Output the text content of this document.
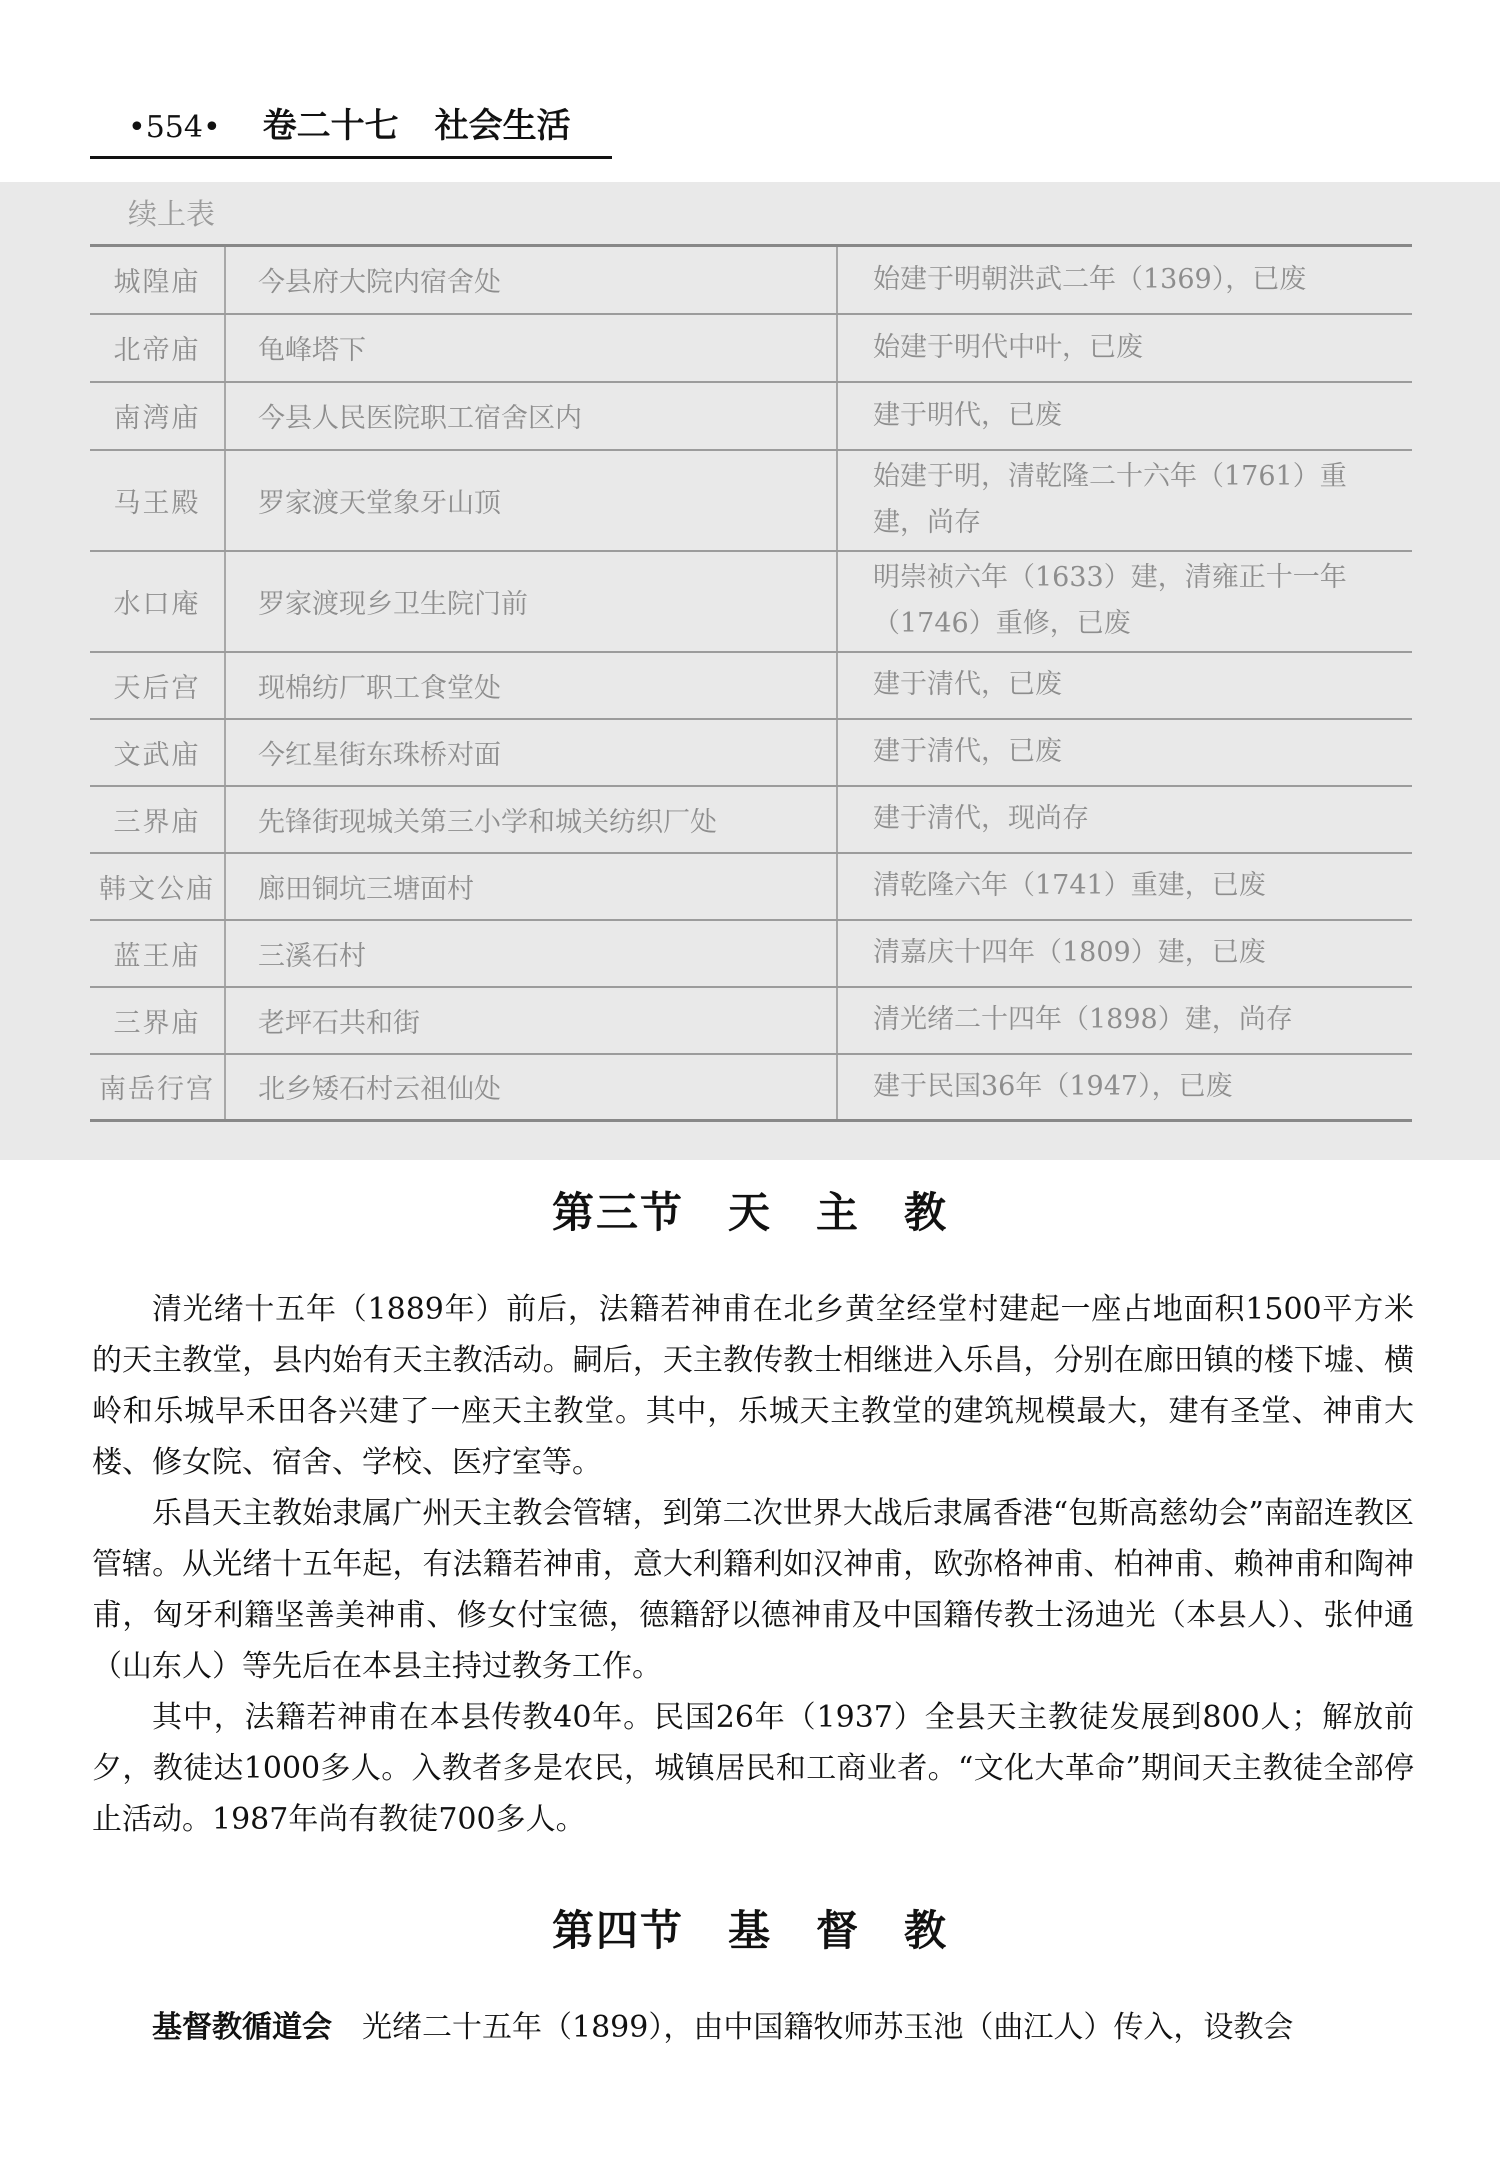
•554• 卷二十七 社会生活
续上表
城隍庙	今县府大院内宿舍处	始建于明朝洪武二年（1369），已废
北帝庙	龟峰塔下	始建于明代中叶，已废
南湾庙	今县人民医院职工宿舍区内	建于明代，已废
马王殿	罗家渡天堂象牙山顶	始建于明，清乾隆二十六年（1761）重建，尚存
水口庵	罗家渡现乡卫生院门前	明崇祯六年（1633）建，清雍正十一年（1746）重修，已废
天后宫	现棉纺厂职工食堂处	建于清代，已废
文武庙	今红星街东珠桥对面	建于清代，已废
三界庙	先锋街现城关第三小学和城关纺织厂处	建于清代，现尚存
韩文公庙	廊田铜坑三塘面村	清乾隆六年（1741）重建，已废
蓝王庙	三溪石村	清嘉庆十四年（1809）建，已废
三界庙	老坪石共和街	清光绪二十四年（1898）建，尚存
南岳行宫	北乡矮石村云祖仙处	建于民国36年（1947），已废
第三节　天　主　教

清光绪十五年（1889年）前后，法籍若神甫在北乡黄坌经堂村建起一座占地面积1500平方米的天主教堂，县内始有天主教活动。嗣后，天主教传教士相继进入乐昌，分别在廊田镇的楼下墟、横岭和乐城早禾田各兴建了一座天主教堂。其中，乐城天主教堂的建筑规模最大，建有圣堂、神甫大楼、修女院、宿舍、学校、医疗室等。

乐昌天主教始隶属广州天主教会管辖，到第二次世界大战后隶属香港“包斯高慈幼会”南韶连教区管辖。从光绪十五年起，有法籍若神甫，意大利籍利如汉神甫，欧弥格神甫、柏神甫、赖神甫和陶神甫，匈牙利籍坚善美神甫、修女付宝德，德籍舒以德神甫及中国籍传教士汤迪光（本县人）、张仲通（山东人）等先后在本县主持过教务工作。

其中，法籍若神甫在本县传教40年。民国26年（1937）全县天主教徒发展到800人；解放前夕，教徒达1000多人。入教者多是农民，城镇居民和工商业者。“文化大革命”期间天主教徒全部停止活动。1987年尚有教徒700多人。

第四节　基　督　教

基督教循道会　光绪二十五年（1899），由中国籍牧师苏玉池（曲江人）传入，设教会
